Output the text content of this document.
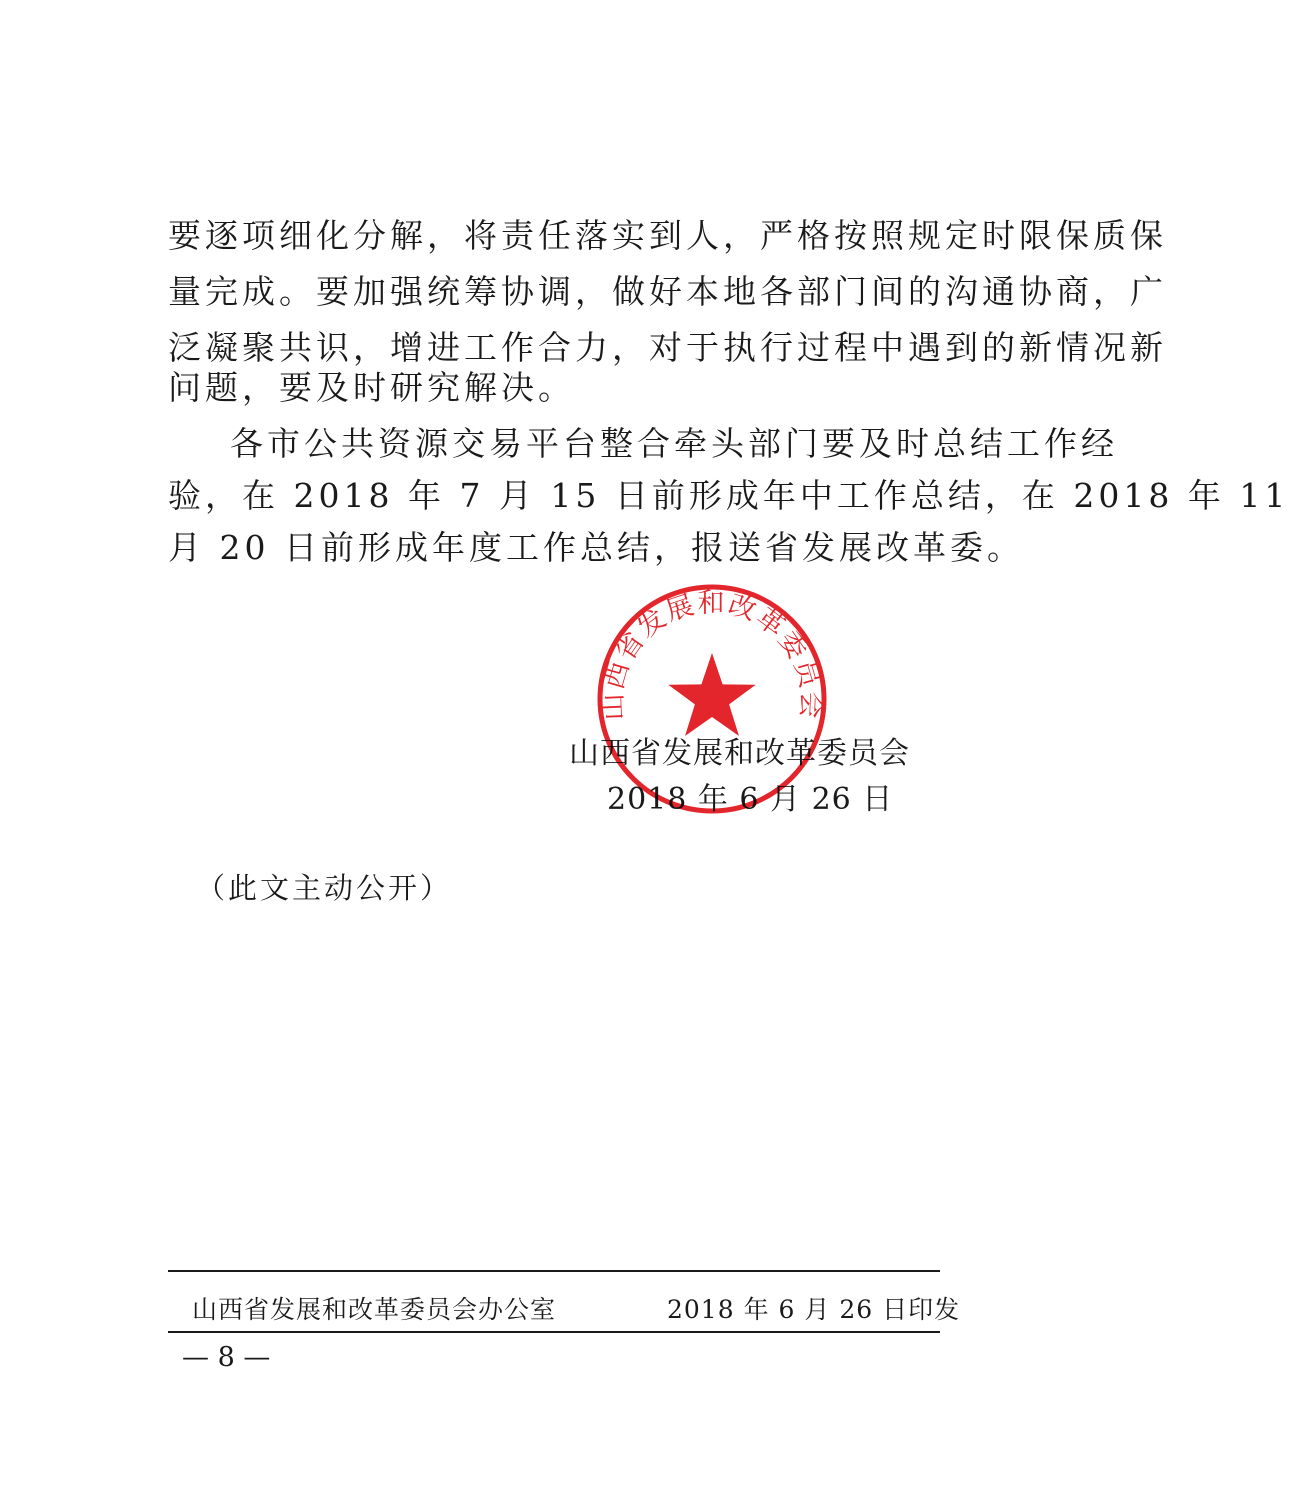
要逐项细化分解，将责任落实到人，严格按照规定时限保质保
量完成。要加强统筹协调，做好本地各部门间的沟通协商，广
泛凝聚共识，增进工作合力，对于执行过程中遇到的新情况新
问题，要及时研究解决。
各市公共资源交易平台整合牵头部门要及时总结工作经
验，在 2018 年 7 月 15 日前形成年中工作总结，在 2018 年 11
月 20 日前形成年度工作总结，报送省发展改革委。
山西省发展和改革委员会
2018 年 6 月 26 日
山西省发展和改革委员会
（此文主动公开）
山西省发展和改革委员会办公室	2018 年 6 月 26 日印发
— 8 —
